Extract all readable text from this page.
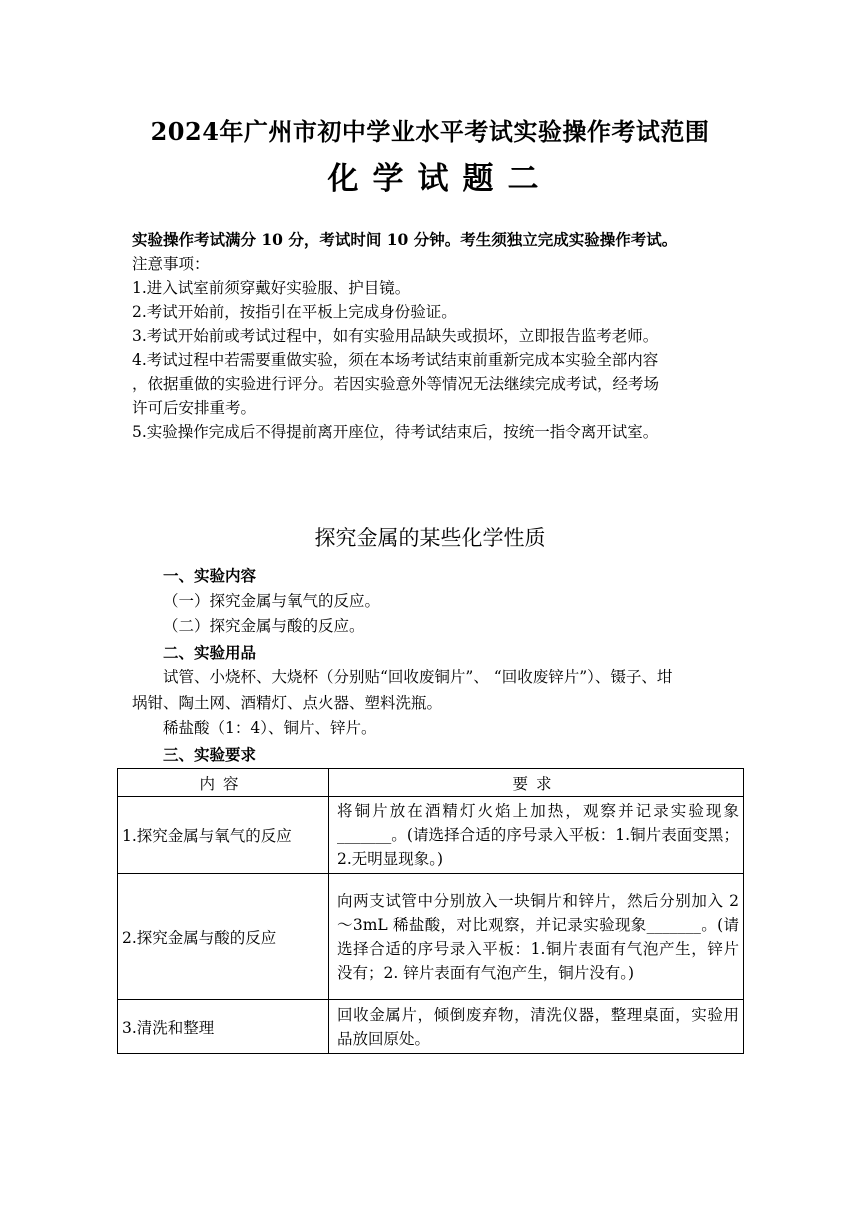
2024年广州市初中学业水平考试实验操作考试范围
化学试题二
实验操作考试满分 10 分，考试时间 10 分钟。考生须独立完成实验操作考试。
注意事项：
1.进入试室前须穿戴好实验服、护目镜。
2.考试开始前，按指引在平板上完成身份验证。
3.考试开始前或考试过程中，如有实验用品缺失或损坏，立即报告监考老师。
4.考试过程中若需要重做实验，须在本场考试结束前重新完成本实验全部内容
，依据重做的实验进行评分。若因实验意外等情况无法继续完成考试，经考场
许可后安排重考。
5.实验操作完成后不得提前离开座位，待考试结束后，按统一指令离开试室。
探究金属的某些化学性质
一、实验内容
（一）探究金属与氧气的反应。
（二）探究金属与酸的反应。
二、实验用品
试管、小烧杯、大烧杯（分别贴“回收废铜片”、 “回收废锌片”）、镊子、坩
埚钳、陶土网、酒精灯、点火器、塑料洗瓶。
稀盐酸（1：4）、铜片、锌片。
三、实验要求
内容	要求
1.探究金属与氧气的反应	将铜片放在酒精灯火焰上加热，观察并记录实验现象_______。(请选择合适的序号录入平板：1.铜片表面变黑；2.无明显现象。)
2.探究金属与酸的反应	向两支试管中分别放入一块铜片和锌片，然后分别加入 2～3mL 稀盐酸，对比观察，并记录实验现象_______。(请选择合适的序号录入平板：1.铜片表面有气泡产生，锌片没有；2. 锌片表面有气泡产生，铜片没有。)
3.清洗和整理	回收金属片，倾倒废弃物，清洗仪器，整理桌面，实验用品放回原处。
